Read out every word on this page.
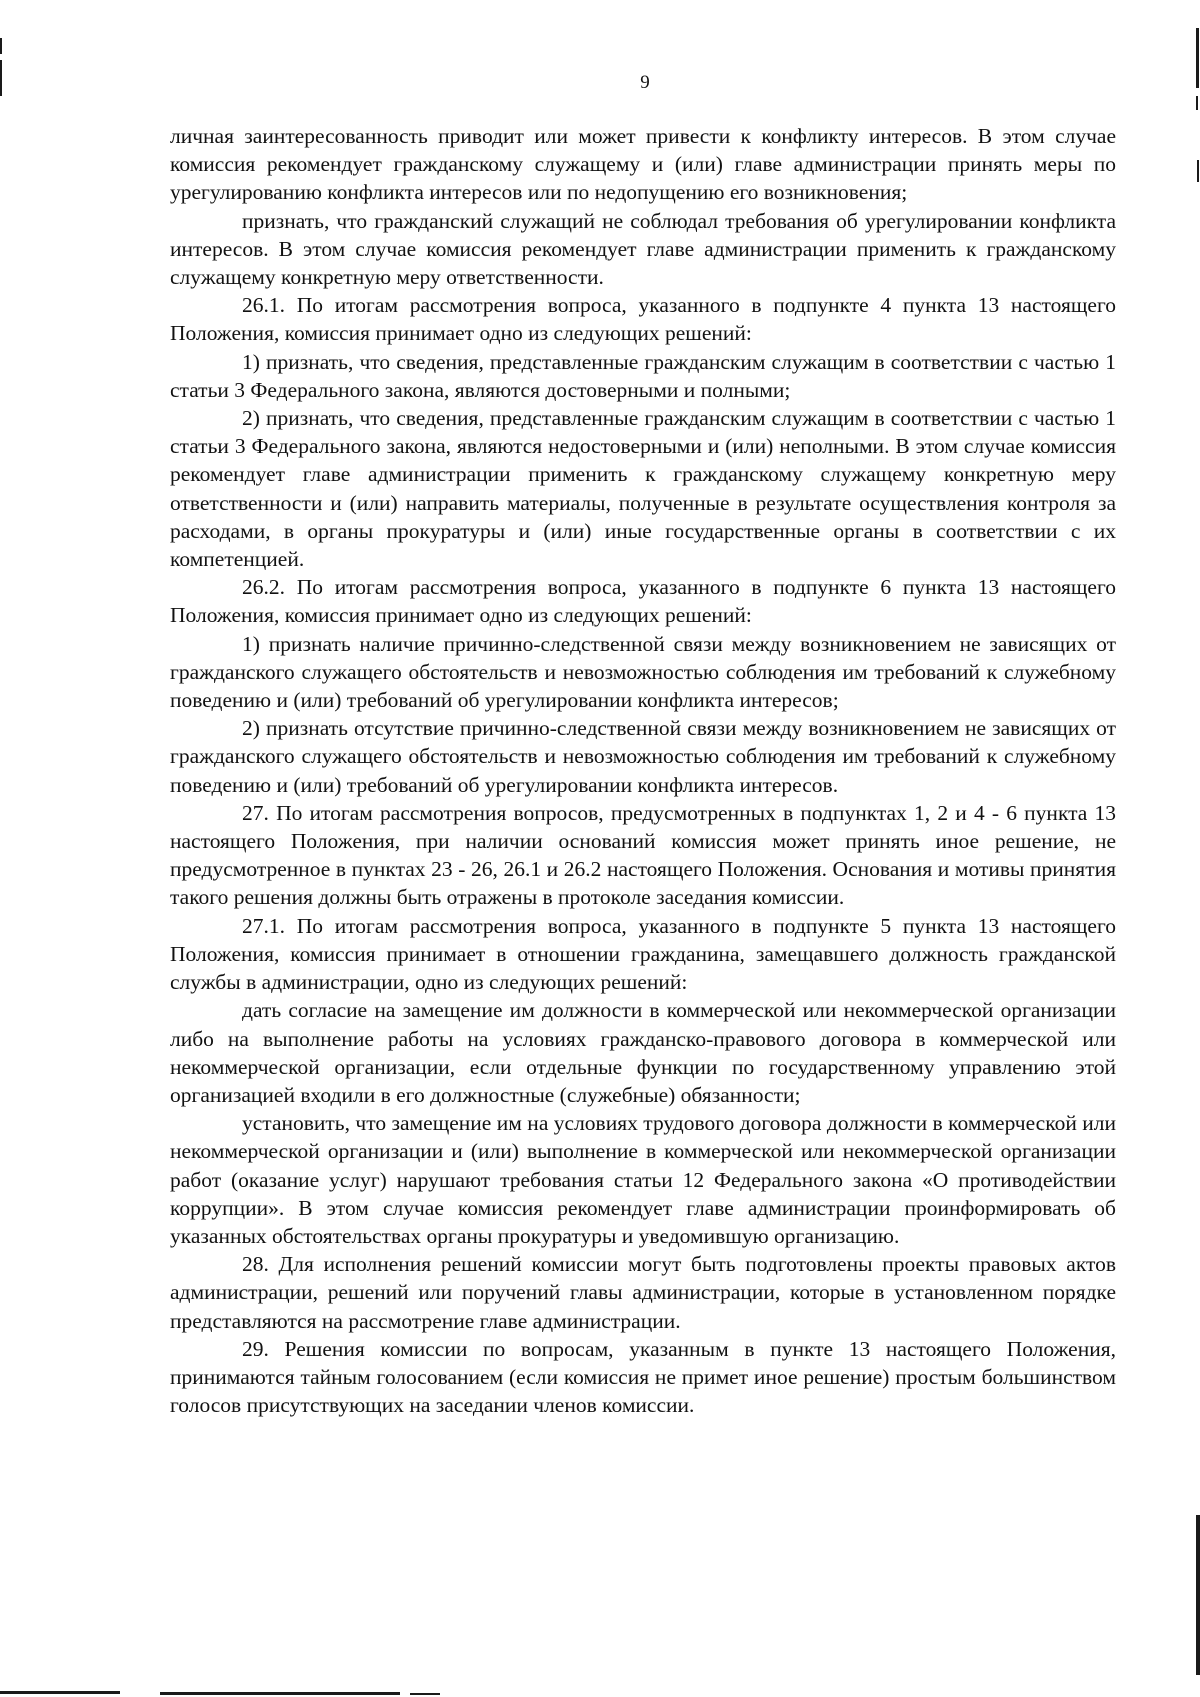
9

личная заинтересованность приводит или может привести к конфликту интересов. В этом случае комиссия рекомендует гражданскому служащему и (или) главе администрации принять меры по урегулированию конфликта интересов или по недопущению его возникновения;

признать, что гражданский служащий не соблюдал требования об урегулировании конфликта интересов. В этом случае комиссия рекомендует главе администрации применить к гражданскому служащему конкретную меру ответственности.

26.1. По итогам рассмотрения вопроса, указанного в подпункте 4 пункта 13 настоящего Положения, комиссия принимает одно из следующих решений:

1) признать, что сведения, представленные гражданским служащим в соответствии с частью 1 статьи 3 Федерального закона, являются достоверными и полными;

2) признать, что сведения, представленные гражданским служащим в соответствии с частью 1 статьи 3 Федерального закона, являются недостоверными и (или) неполными. В этом случае комиссия рекомендует главе администрации применить к гражданскому служащему конкретную меру ответственности и (или) направить материалы, полученные в результате осуществления контроля за расходами, в органы прокуратуры и (или) иные государственные органы в соответствии с их компетенцией.

26.2. По итогам рассмотрения вопроса, указанного в подпункте 6 пункта 13 настоящего Положения, комиссия принимает одно из следующих решений:

1) признать наличие причинно-следственной связи между возникновением не зависящих от гражданского служащего обстоятельств и невозможностью соблюдения им требований к служебному поведению и (или) требований об урегулировании конфликта интересов;

2) признать отсутствие причинно-следственной связи между возникновением не зависящих от гражданского служащего обстоятельств и невозможностью соблюдения им требований к служебному поведению и (или) требований об урегулировании конфликта интересов.

27. По итогам рассмотрения вопросов, предусмотренных в подпунктах 1, 2 и 4 - 6 пункта 13 настоящего Положения, при наличии оснований комиссия может принять иное решение, не предусмотренное в пунктах 23 - 26, 26.1 и 26.2 настоящего Положения. Основания и мотивы принятия такого решения должны быть отражены в протоколе заседания комиссии.

27.1. По итогам рассмотрения вопроса, указанного в подпункте 5 пункта 13 настоящего Положения, комиссия принимает в отношении гражданина, замещавшего должность гражданской службы в администрации, одно из следующих решений:

дать согласие на замещение им должности в коммерческой или некоммерческой организации либо на выполнение работы на условиях гражданско-правового договора в коммерческой или некоммерческой организации, если отдельные функции по государственному управлению этой организацией входили в его должностные (служебные) обязанности;

установить, что замещение им на условиях трудового договора должности в коммерческой или некоммерческой организации и (или) выполнение в коммерческой или некоммерческой организации работ (оказание услуг) нарушают требования статьи 12 Федерального закона «О противодействии коррупции». В этом случае комиссия рекомендует главе администрации проинформировать об указанных обстоятельствах органы прокуратуры и уведомившую организацию.

28. Для исполнения решений комиссии могут быть подготовлены проекты правовых актов администрации, решений или поручений главы администрации, которые в установленном порядке представляются на рассмотрение главе администрации.

29. Решения комиссии по вопросам, указанным в пункте 13 настоящего Положения, принимаются тайным голосованием (если комиссия не примет иное решение) простым большинством голосов присутствующих на заседании членов комиссии.
